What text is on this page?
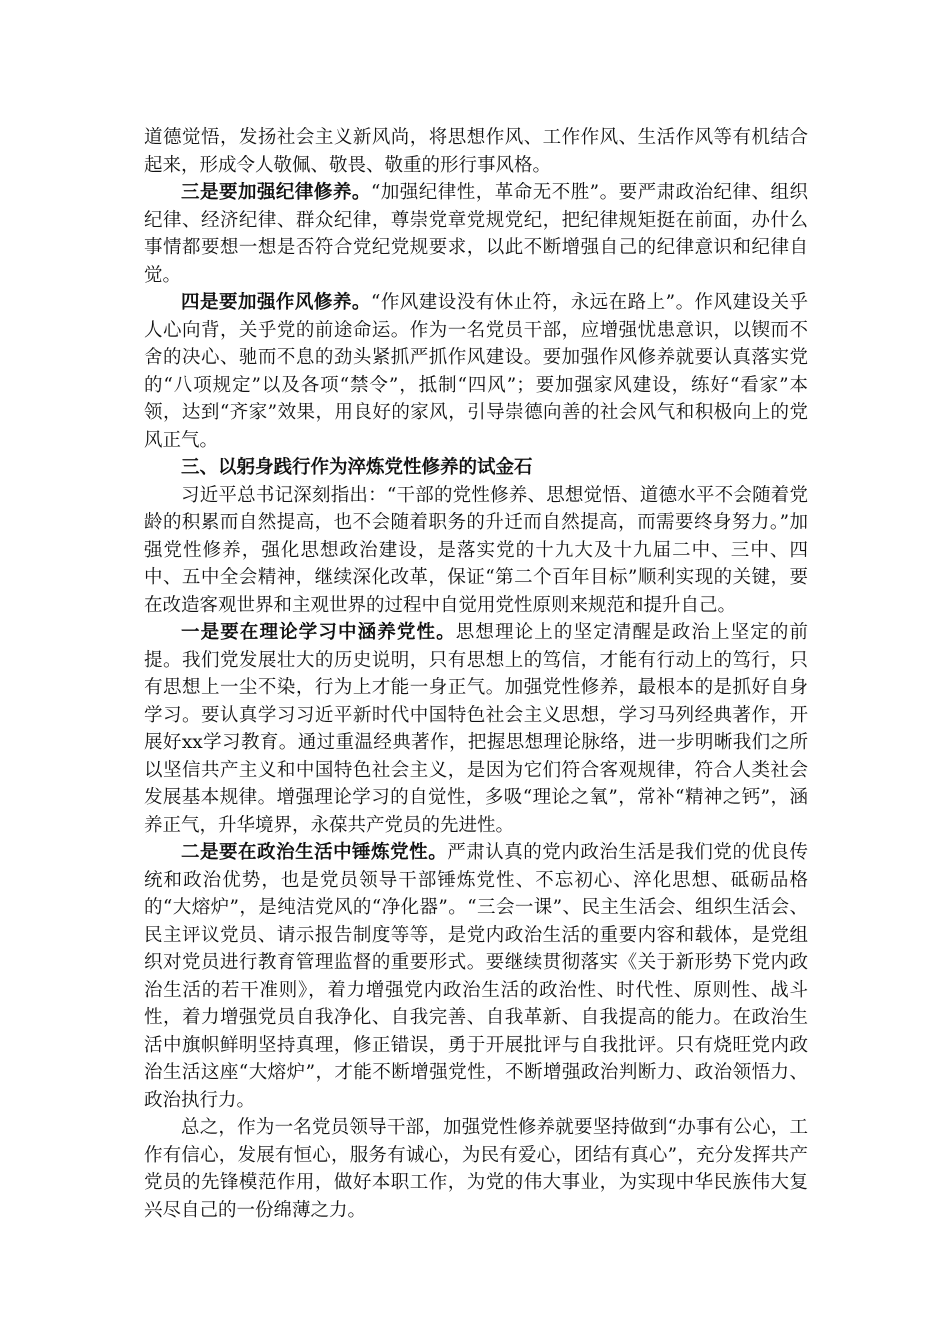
道德觉悟，发扬社会主义新风尚，将思想作风、工作作风、生活作风等有机结合起来，形成令人敬佩、敬畏、敬重的形行事风格。

三是要加强纪律修养。“加强纪律性，革命无不胜”。要严肃政治纪律、组织纪律、经济纪律、群众纪律，尊崇党章党规党纪，把纪律规矩挺在前面，办什么事情都要想一想是否符合党纪党规要求，以此不断增强自己的纪律意识和纪律自觉。

四是要加强作风修养。“作风建设没有休止符，永远在路上”。作风建设关乎人心向背，关乎党的前途命运。作为一名党员干部，应增强忧患意识，以锲而不舍的决心、驰而不息的劲头紧抓严抓作风建设。要加强作风修养就要认真落实党的“八项规定”以及各项“禁令”，抵制“四风”；要加强家风建设，练好“看家”本领，达到“齐家”效果，用良好的家风，引导崇德向善的社会风气和积极向上的党风正气。

三、以躬身践行作为淬炼党性修养的试金石

习近平总书记深刻指出：“干部的党性修养、思想觉悟、道德水平不会随着党龄的积累而自然提高，也不会随着职务的升迁而自然提高，而需要终身努力。”加强党性修养，强化思想政治建设，是落实党的十九大及十九届二中、三中、四中、五中全会精神，继续深化改革，保证“第二个百年目标”顺利实现的关键，要在改造客观世界和主观世界的过程中自觉用党性原则来规范和提升自己。

一是要在理论学习中涵养党性。思想理论上的坚定清醒是政治上坚定的前提。我们党发展壮大的历史说明，只有思想上的笃信，才能有行动上的笃行，只有思想上一尘不染，行为上才能一身正气。加强党性修养，最根本的是抓好自身学习。要认真学习习近平新时代中国特色社会主义思想，学习马列经典著作，开展好xx学习教育。通过重温经典著作，把握思想理论脉络，进一步明晰我们之所以坚信共产主义和中国特色社会主义，是因为它们符合客观规律，符合人类社会发展基本规律。增强理论学习的自觉性，多吸“理论之氧”，常补“精神之钙”，涵养正气，升华境界，永葆共产党员的先进性。

二是要在政治生活中锤炼党性。严肃认真的党内政治生活是我们党的优良传统和政治优势，也是党员领导干部锤炼党性、不忘初心、淬化思想、砥砺品格的“大熔炉”，是纯洁党风的“净化器”。“三会一课”、民主生活会、组织生活会、民主评议党员、请示报告制度等等，是党内政治生活的重要内容和载体，是党组织对党员进行教育管理监督的重要形式。要继续贯彻落实《关于新形势下党内政治生活的若干准则》，着力增强党内政治生活的政治性、时代性、原则性、战斗性，着力增强党员自我净化、自我完善、自我革新、自我提高的能力。在政治生活中旗帜鲜明坚持真理，修正错误，勇于开展批评与自我批评。只有烧旺党内政治生活这座“大熔炉”，才能不断增强党性，不断增强政治判断力、政治领悟力、政治执行力。

总之，作为一名党员领导干部，加强党性修养就要坚持做到“办事有公心，工作有信心，发展有恒心，服务有诚心，为民有爱心，团结有真心”，充分发挥共产党员的先锋模范作用，做好本职工作，为党的伟大事业，为实现中华民族伟大复兴尽自己的一份绵薄之力。
